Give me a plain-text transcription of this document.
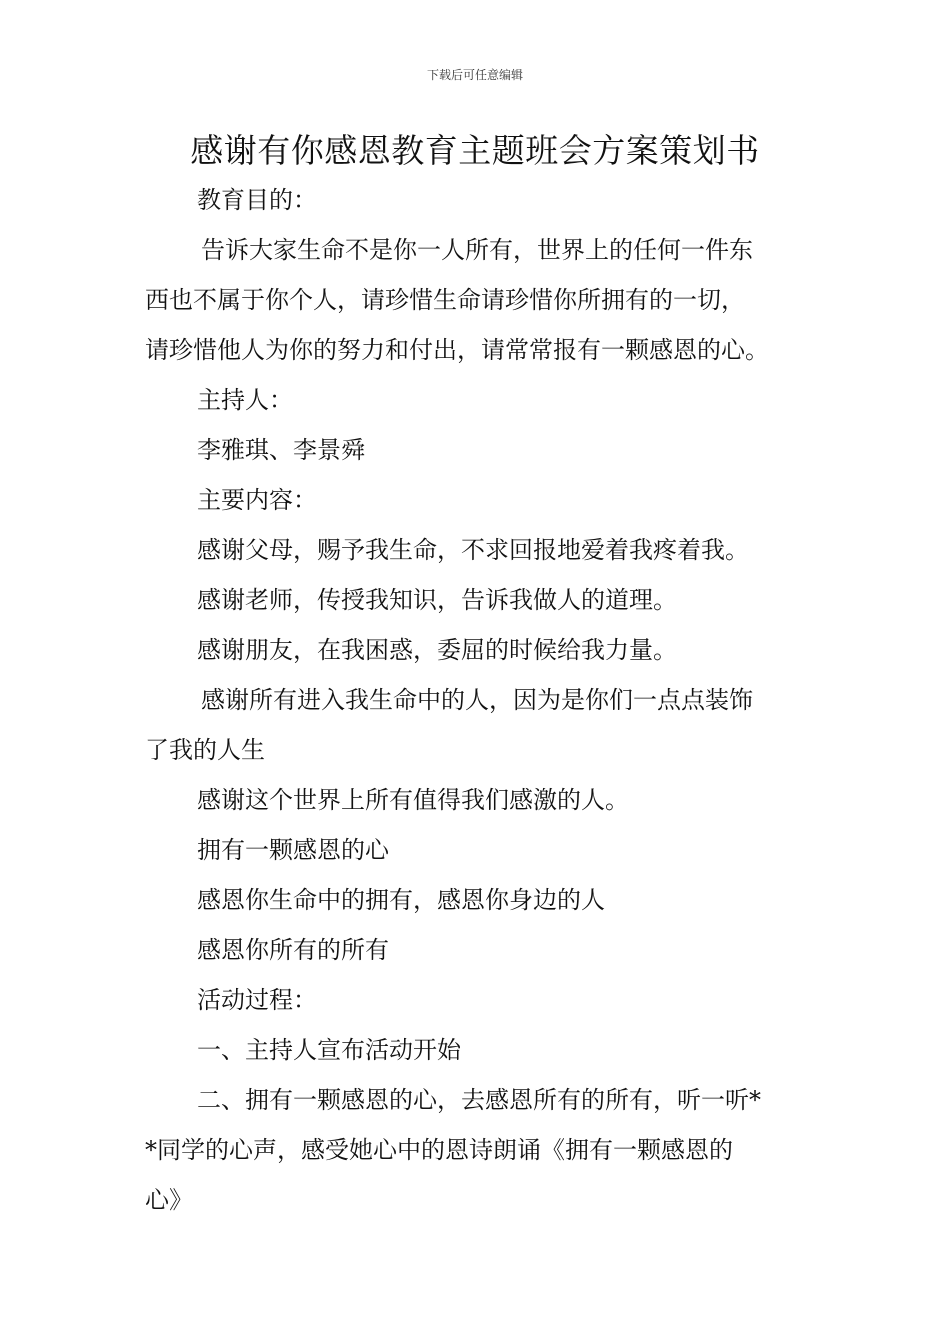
下载后可任意编辑
感谢有你感恩教育主题班会方案策划书
教育目的：
告诉大家生命不是你一人所有，世界上的任何一件东
西也不属于你个人，请珍惜生命请珍惜你所拥有的一切，
请珍惜他人为你的努力和付出，请常常报有一颗感恩的心。
主持人：
李雅琪、李景舜
主要内容：
感谢父母，赐予我生命，不求回报地爱着我疼着我。
感谢老师，传授我知识，告诉我做人的道理。
感谢朋友，在我困惑，委屈的时候给我力量。
感谢所有进入我生命中的人，因为是你们一点点装饰
了我的人生
感谢这个世界上所有值得我们感激的人。
拥有一颗感恩的心
感恩你生命中的拥有，感恩你身边的人
感恩你所有的所有
活动过程：
一、主持人宣布活动开始
二、拥有一颗感恩的心，去感恩所有的所有，听一听*
*同学的心声，感受她心中的恩诗朗诵《拥有一颗感恩的
心》
